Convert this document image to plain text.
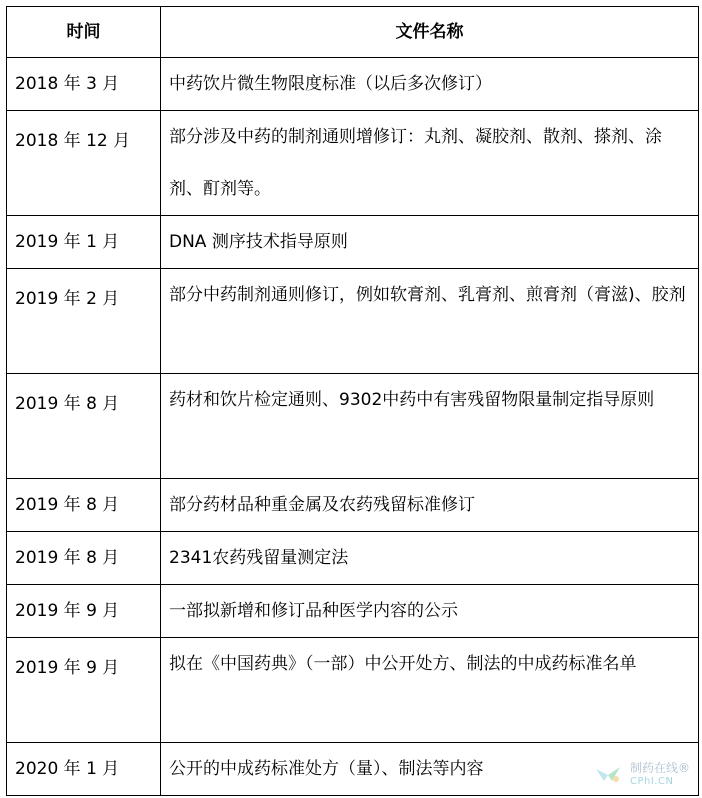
时间	文件名称
2018 年 3 月	中药饮片微生物限度标准（以后多次修订）
2018 年 12 月	部分涉及中药的制剂通则增修订：丸剂、凝胶剂、散剂、搽剂、涂剂、酊剂等。
2019 年 1 月	DNA 测序技术指导原则
2019 年 2 月	部分中药制剂通则修订，例如软膏剂、乳膏剂、煎膏剂（膏滋)、胶剂
2019 年 8 月	药材和饮片检定通则、9302中药中有害残留物限量制定指导原则
2019 年 8 月	部分药材品种重金属及农药残留标准修订
2019 年 8 月	2341农药残留量测定法
2019 年 9 月	一部拟新增和修订品种医学内容的公示
2019 年 9 月	拟在《中国药典》（一部）中公开处方、制法的中成药标准名单
2020 年 1 月	公开的中成药标准处方（量）、制法等内容	制药在线®
CPhI.CN
